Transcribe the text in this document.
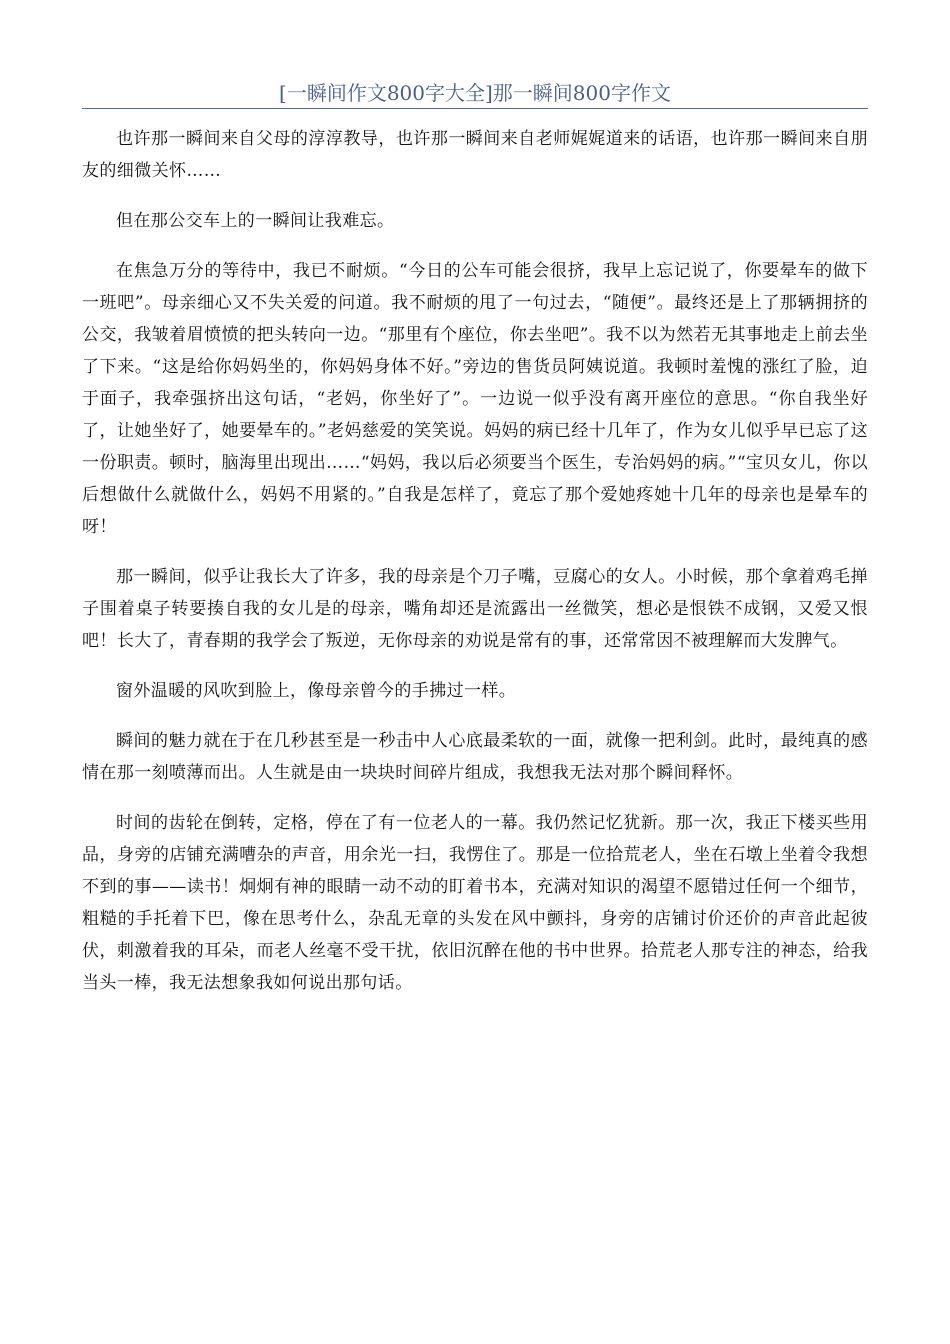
[一瞬间作文800字大全]那一瞬间800字作文

也许那一瞬间来自父母的淳淳教导，也许那一瞬间来自老师娓娓道来的话语，也许那一瞬间来自朋友的细微关怀……

但在那公交车上的一瞬间让我难忘。

在焦急万分的等待中，我已不耐烦。“今日的公车可能会很挤，我早上忘记说了，你要晕车的做下一班吧”。母亲细心又不失关爱的问道。我不耐烦的甩了一句过去，“随便”。最终还是上了那辆拥挤的公交，我皱着眉愤愤的把头转向一边。“那里有个座位，你去坐吧”。我不以为然若无其事地走上前去坐了下来。“这是给你妈妈坐的，你妈妈身体不好。”旁边的售货员阿姨说道。我顿时羞愧的涨红了脸，迫于面子，我牵强挤出这句话，“老妈，你坐好了”。一边说一似乎没有离开座位的意思。“你自我坐好了，让她坐好了，她要晕车的。”老妈慈爱的笑笑说。妈妈的病已经十几年了，作为女儿似乎早已忘了这一份职责。顿时，脑海里出现出……“妈妈，我以后必须要当个医生，专治妈妈的病。”“宝贝女儿，你以后想做什么就做什么，妈妈不用紧的。”自我是怎样了，竟忘了那个爱她疼她十几年的母亲也是晕车的呀！

那一瞬间，似乎让我长大了许多，我的母亲是个刀子嘴，豆腐心的女人。小时候，那个拿着鸡毛掸子围着桌子转要揍自我的女儿是的母亲，嘴角却还是流露出一丝微笑，想必是恨铁不成钢，又爱又恨吧！长大了，青春期的我学会了叛逆，无你母亲的劝说是常有的事，还常常因不被理解而大发脾气。

窗外温暖的风吹到脸上，像母亲曾今的手拂过一样。

瞬间的魅力就在于在几秒甚至是一秒击中人心底最柔软的一面，就像一把利剑。此时，最纯真的感情在那一刻喷薄而出。人生就是由一块块时间碎片组成，我想我无法对那个瞬间释怀。

时间的齿轮在倒转，定格，停在了有一位老人的一幕。我仍然记忆犹新。那一次，我正下楼买些用品，身旁的店铺充满嘈杂的声音，用余光一扫，我愣住了。那是一位拾荒老人，坐在石墩上坐着令我想不到的事——读书！炯炯有神的眼睛一动不动的盯着书本，充满对知识的渴望不愿错过任何一个细节，粗糙的手托着下巴，像在思考什么，杂乱无章的头发在风中颤抖，身旁的店铺讨价还价的声音此起彼伏，刺激着我的耳朵，而老人丝毫不受干扰，依旧沉醉在他的书中世界。拾荒老人那专注的神态，给我当头一棒，我无法想象我如何说出那句话。
